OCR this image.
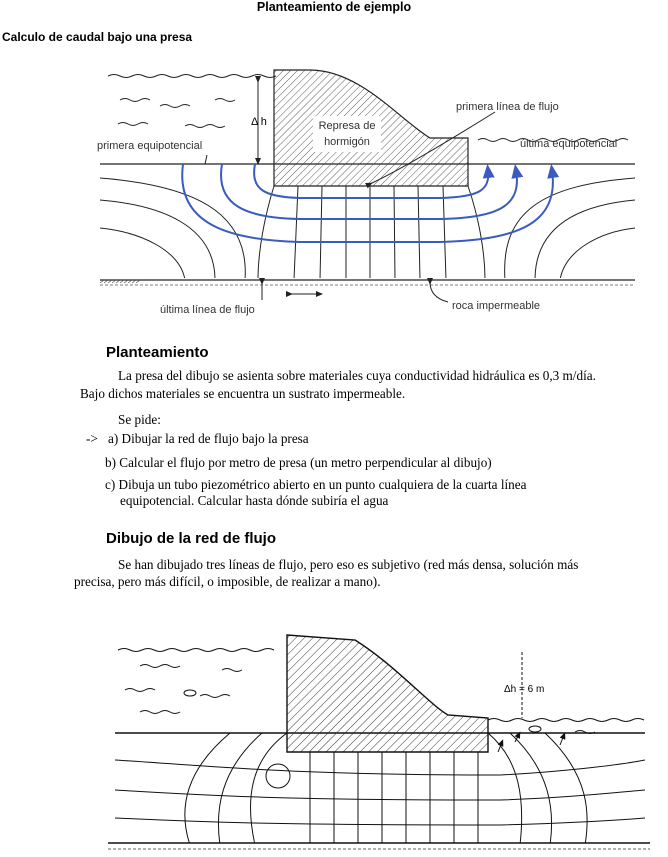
Planteamiento de ejemplo
Calculo de caudal bajo una presa
Represa de
hormigón
Δ h
primera equipotencial
primera línea de flujo
última equipotencial
última línea de flujo	roca impermeable
Planteamiento
La presa del dibujo se asienta sobre materiales cuya conductividad hidráulica es 0,3 m/día.
Bajo dichos materiales se encuentra un sustrato impermeable.
Se pide:
-> a) Dibujar la red de flujo bajo la presa
b) Calcular el flujo por metro de presa (un metro perpendicular al dibujo)
c) Dibuja un tubo piezométrico abierto en un punto cualquiera de la cuarta línea
equipotencial. Calcular hasta dónde subiría el agua
Dibujo de la red de flujo
Se han dibujado tres líneas de flujo, pero eso es subjetivo (red más densa, solución más
precisa, pero más difícil, o imposible, de realizar a mano).
Δh = 6 m
